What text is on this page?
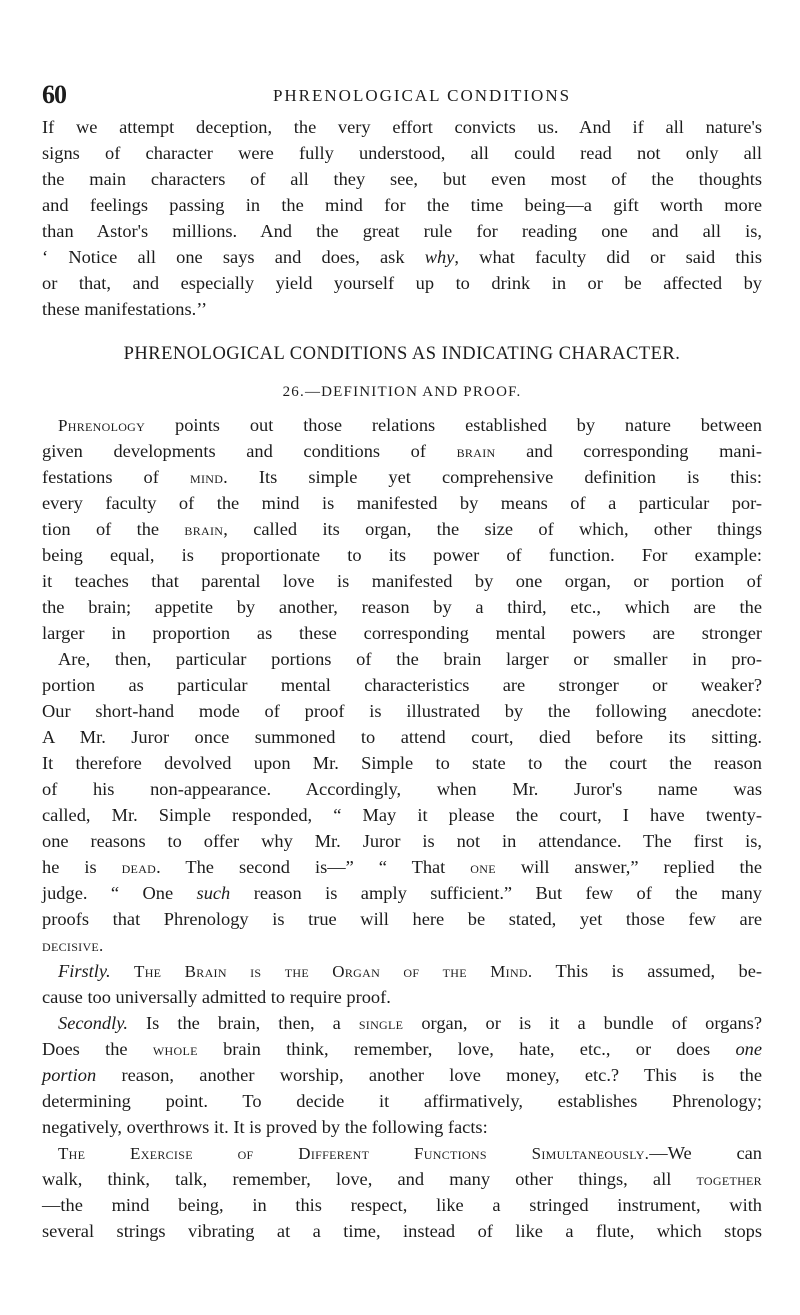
60	PHRENOLOGICAL CONDITIONS
If we attempt deception, the very effort convicts us. And if all nature's
signs of character were fully understood, all could read not only all
the main characters of all they see, but even most of the thoughts
and feelings passing in the mind for the time being—a gift worth more
than Astor's millions. And the great rule for reading one and all is,
‘ Notice all one says and does, ask why, what faculty did or said this
or that, and especially yield yourself up to drink in or be affected by
these manifestations.’’
PHRENOLOGICAL CONDITIONS AS INDICATING CHARACTER.
26.—DEFINITION AND PROOF.
Phrenology points out those relations established by nature between
given developments and conditions of brain and corresponding mani-
festations of mind. Its simple yet comprehensive definition is this:
every faculty of the mind is manifested by means of a particular por-
tion of the brain, called its organ, the size of which, other things
being equal, is proportionate to its power of function. For example:
it teaches that parental love is manifested by one organ, or portion of
the brain; appetite by another, reason by a third, etc., which are the
larger in proportion as these corresponding mental powers are stronger
Are, then, particular portions of the brain larger or smaller in pro-
portion as particular mental characteristics are stronger or weaker?
Our short-hand mode of proof is illustrated by the following anecdote:
A Mr. Juror once summoned to attend court, died before its sitting.
It therefore devolved upon Mr. Simple to state to the court the reason
of his non-appearance. Accordingly, when Mr. Juror's name was
called, Mr. Simple responded, “ May it please the court, I have twenty-
one reasons to offer why Mr. Juror is not in attendance. The first is,
he is dead. The second is—” “ That one will answer,” replied the
judge. “ One such reason is amply sufficient.” But few of the many
proofs that Phrenology is true will here be stated, yet those few are
decisive.
Firstly. The Brain is the Organ of the Mind. This is assumed, be-
cause too universally admitted to require proof.
Secondly. Is the brain, then, a single organ, or is it a bundle of organs?
Does the whole brain think, remember, love, hate, etc., or does one
portion reason, another worship, another love money, etc.? This is the
determining point. To decide it affirmatively, establishes Phrenology;
negatively, overthrows it. It is proved by the following facts:
The Exercise of Different Functions Simultaneously.—We can
walk, think, talk, remember, love, and many other things, all together
—the mind being, in this respect, like a stringed instrument, with
several strings vibrating at a time, instead of like a flute, which stops
